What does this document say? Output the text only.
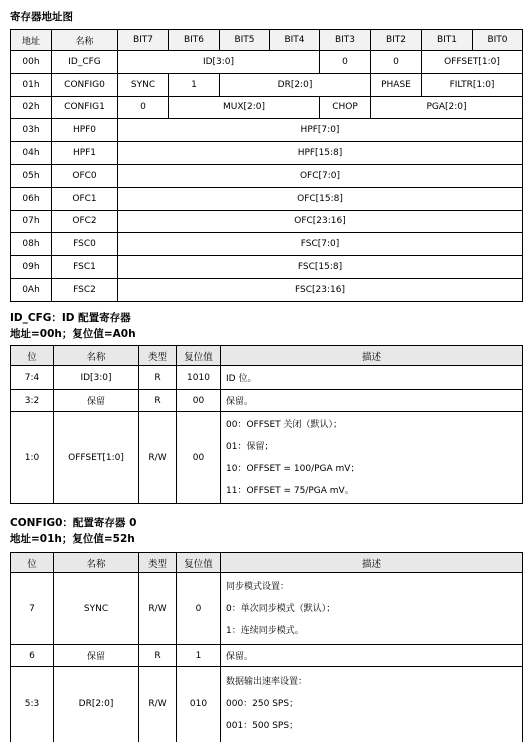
寄存器地址图
地址	名称	BIT7	BIT6	BIT5	BIT4	BIT3	BIT2	BIT1	BIT0
00h	ID_CFG	ID[3:0]				0	0	OFFSET[1:0]	
01h	CONFIG0	SYNC	1	DR[2:0]			PHASE	FILTR[1:0]	
02h	CONFIG1	0	MUX[2:0]			CHOP	PGA[2:0]		
03h	HPF0	HPF[7:0]							
04h	HPF1	HPF[15:8]							
05h	OFC0	OFC[7:0]							
06h	OFC1	OFC[15:8]							
07h	OFC2	OFC[23:16]							
08h	FSC0	FSC[7:0]							
09h	FSC1	FSC[15:8]							
0Ah	FSC2	FSC[23:16]							
ID_CFG：ID 配置寄存器
地址=00h；复位值=A0h
位	名称	类型	复位值	描述
7:4	ID[3:0]	R	1010	ID 位。
3:2	保留	R	00	保留。
1:0	OFFSET[1:0]	R/W	00	00：OFFSET 关闭（默认）；
01：保留；
10：OFFSET = 100/PGA mV；
11：OFFSET = 75/PGA mV。
CONFIG0：配置寄存器 0
地址=01h；复位值=52h
位	名称	类型	复位值	描述
7	SYNC	R/W	0	同步模式设置：
0：单次同步模式（默认）；
1：连续同步模式。

6	保留	R	1	保留。
5:3	DR[2:0]	R/W	010	数据输出速率设置：
000：250 SPS；
001：500 SPS；
